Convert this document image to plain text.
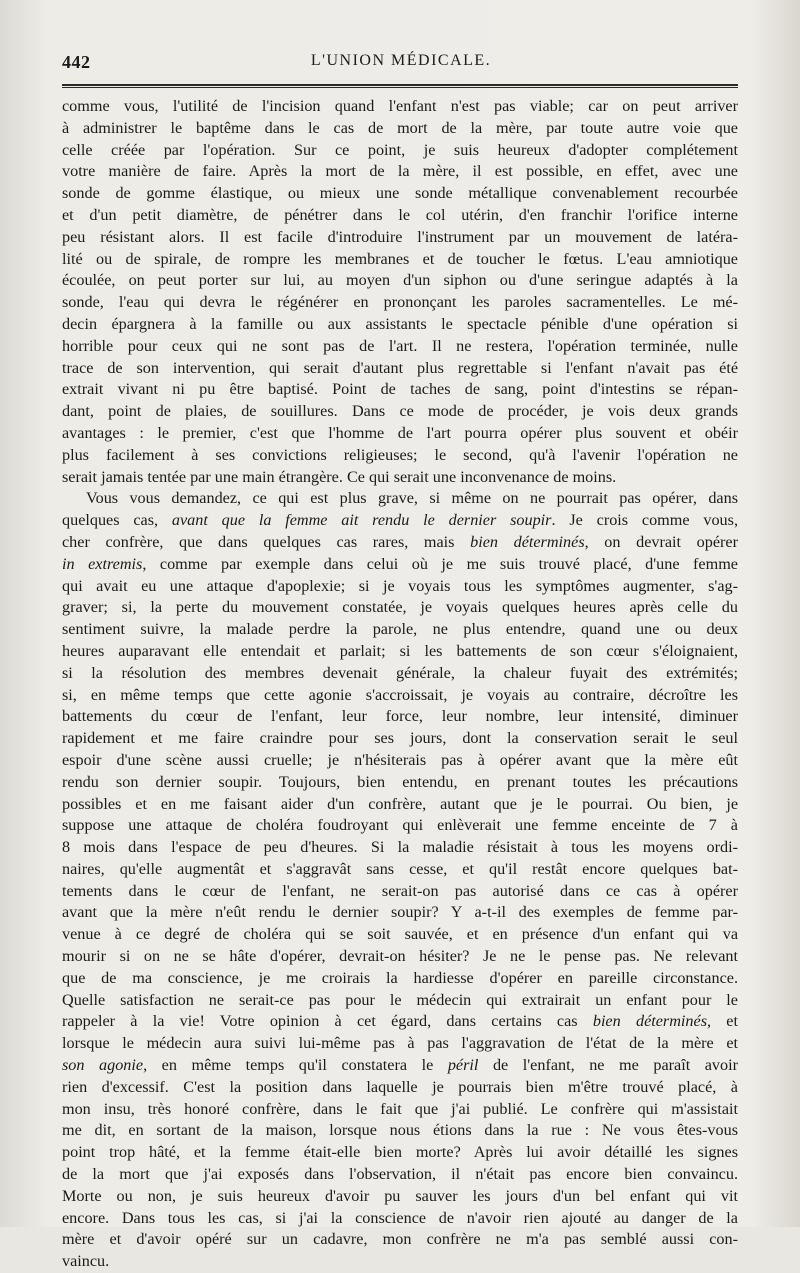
442	L'UNION MÉDICALE.
comme vous, l'utilité de l'incision quand l'enfant n'est pas viable; car on peut arriver
à administrer le baptême dans le cas de mort de la mère, par toute autre voie que
celle créée par l'opération. Sur ce point, je suis heureux d'adopter complétement
votre manière de faire. Après la mort de la mère, il est possible, en effet, avec une
sonde de gomme élastique, ou mieux une sonde métallique convenablement recourbée
et d'un petit diamètre, de pénétrer dans le col utérin, d'en franchir l'orifice interne
peu résistant alors. Il est facile d'introduire l'instrument par un mouvement de latéra-
lité ou de spirale, de rompre les membranes et de toucher le fœtus. L'eau amniotique
écoulée, on peut porter sur lui, au moyen d'un siphon ou d'une seringue adaptés à la
sonde, l'eau qui devra le régénérer en prononçant les paroles sacramentelles. Le mé-
decin épargnera à la famille ou aux assistants le spectacle pénible d'une opération si
horrible pour ceux qui ne sont pas de l'art. Il ne restera, l'opération terminée, nulle
trace de son intervention, qui serait d'autant plus regrettable si l'enfant n'avait pas été
extrait vivant ni pu être baptisé. Point de taches de sang, point d'intestins se répan-
dant, point de plaies, de souillures. Dans ce mode de procéder, je vois deux grands
avantages : le premier, c'est que l'homme de l'art pourra opérer plus souvent et obéir
plus facilement à ses convictions religieuses; le second, qu'à l'avenir l'opération ne
serait jamais tentée par une main étrangère. Ce qui serait une inconvenance de moins.
Vous vous demandez, ce qui est plus grave, si même on ne pourrait pas opérer, dans
quelques cas, avant que la femme ait rendu le dernier soupir. Je crois comme vous,
cher confrère, que dans quelques cas rares, mais bien déterminés, on devrait opérer
in extremis, comme par exemple dans celui où je me suis trouvé placé, d'une femme
qui avait eu une attaque d'apoplexie; si je voyais tous les symptômes augmenter, s'ag-
graver; si, la perte du mouvement constatée, je voyais quelques heures après celle du
sentiment suivre, la malade perdre la parole, ne plus entendre, quand une ou deux
heures auparavant elle entendait et parlait; si les battements de son cœur s'éloignaient,
si la résolution des membres devenait générale, la chaleur fuyait des extrémités;
si, en même temps que cette agonie s'accroissait, je voyais au contraire, décroître les
battements du cœur de l'enfant, leur force, leur nombre, leur intensité, diminuer
rapidement et me faire craindre pour ses jours, dont la conservation serait le seul
espoir d'une scène aussi cruelle; je n'hésiterais pas à opérer avant que la mère eût
rendu son dernier soupir. Toujours, bien entendu, en prenant toutes les précautions
possibles et en me faisant aider d'un confrère, autant que je le pourrai. Ou bien, je
suppose une attaque de choléra foudroyant qui enlèverait une femme enceinte de 7 à
8 mois dans l'espace de peu d'heures. Si la maladie résistait à tous les moyens ordi-
naires, qu'elle augmentât et s'aggravât sans cesse, et qu'il restât encore quelques bat-
tements dans le cœur de l'enfant, ne serait-on pas autorisé dans ce cas à opérer
avant que la mère n'eût rendu le dernier soupir? Y a-t-il des exemples de femme par-
venue à ce degré de choléra qui se soit sauvée, et en présence d'un enfant qui va
mourir si on ne se hâte d'opérer, devrait-on hésiter? Je ne le pense pas. Ne relevant
que de ma conscience, je me croirais la hardiesse d'opérer en pareille circonstance.
Quelle satisfaction ne serait-ce pas pour le médecin qui extrairait un enfant pour le
rappeler à la vie! Votre opinion à cet égard, dans certains cas bien déterminés, et
lorsque le médecin aura suivi lui-même pas à pas l'aggravation de l'état de la mère et
son agonie, en même temps qu'il constatera le péril de l'enfant, ne me paraît avoir
rien d'excessif. C'est la position dans laquelle je pourrais bien m'être trouvé placé, à
mon insu, très honoré confrère, dans le fait que j'ai publié. Le confrère qui m'assistait
me dit, en sortant de la maison, lorsque nous étions dans la rue : Ne vous êtes-vous
point trop hâté, et la femme était-elle bien morte? Après lui avoir détaillé les signes
de la mort que j'ai exposés dans l'observation, il n'était pas encore bien convaincu.
Morte ou non, je suis heureux d'avoir pu sauver les jours d'un bel enfant qui vit
encore. Dans tous les cas, si j'ai la conscience de n'avoir rien ajouté au danger de la
mère et d'avoir opéré sur un cadavre, mon confrère ne m'a pas semblé aussi con-
vaincu.
